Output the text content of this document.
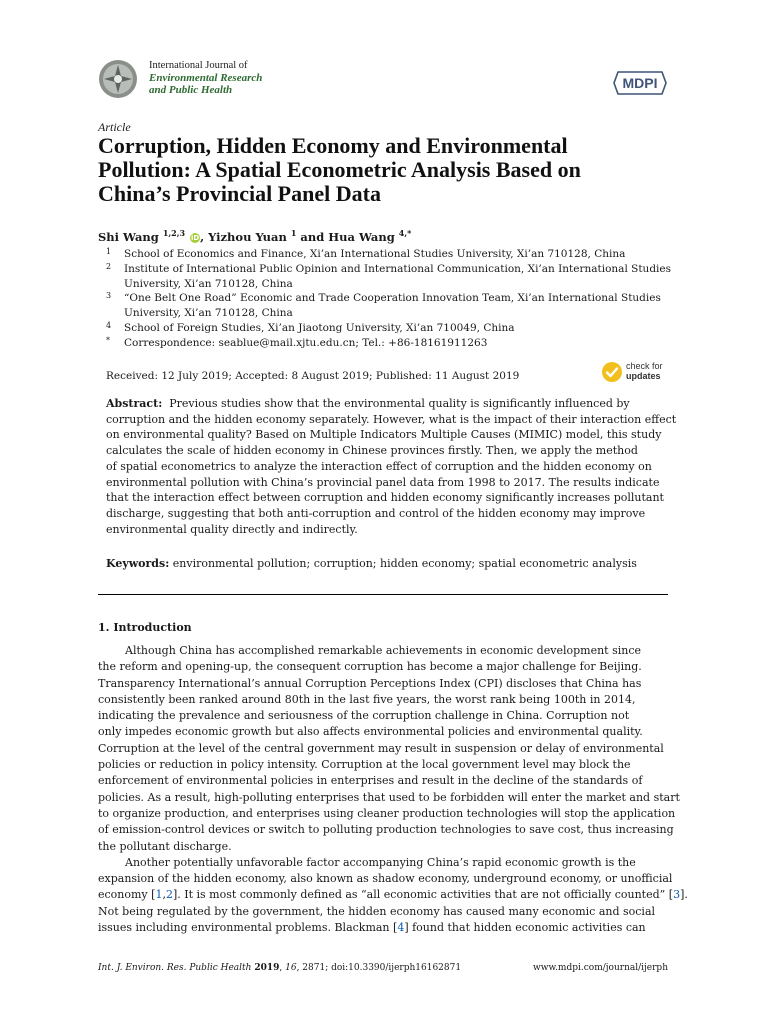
International Journal of
Environmental Research
and Public Health	MDPI
Article
Corruption, Hidden Economy and Environmental
Pollution: A Spatial Econometric Analysis Based on
China’s Provincial Panel Data
Shi Wang $^{1,2,3}$ iD, Yizhou Yuan $^1$ and Hua Wang $^{4,*}$
1	School of Economics and Finance, Xi’an International Studies University, Xi’an 710128, China
2	Institute of International Public Opinion and International Communication, Xi’an International Studies
University, Xi’an 710128, China
3	“One Belt One Road” Economic and Trade Cooperation Innovation Team, Xi’an International Studies
University, Xi’an 710128, China
4	School of Foreign Studies, Xi’an Jiaotong University, Xi’an 710049, China
*	Correspondence: seablue@mail.xjtu.edu.cn; Tel.: +86-18161911263
Received: 12 July 2019; Accepted: 8 August 2019; Published: 11 August 2019
check for
updates
Abstract: Previous studies show that the environmental quality is significantly influenced by
corruption and the hidden economy separately. However, what is the impact of their interaction effect
on environmental quality? Based on Multiple Indicators Multiple Causes (MIMIC) model, this study
calculates the scale of hidden economy in Chinese provinces firstly. Then, we apply the method
of spatial econometrics to analyze the interaction effect of corruption and the hidden economy on
environmental pollution with China’s provincial panel data from 1998 to 2017. The results indicate
that the interaction effect between corruption and hidden economy significantly increases pollutant
discharge, suggesting that both anti-corruption and control of the hidden economy may improve
environmental quality directly and indirectly.
Keywords: environmental pollution; corruption; hidden economy; spatial econometric analysis
1. Introduction
Although China has accomplished remarkable achievements in economic development since
the reform and opening-up, the consequent corruption has become a major challenge for Beijing.
Transparency International’s annual Corruption Perceptions Index (CPI) discloses that China has
consistently been ranked around 80th in the last five years, the worst rank being 100th in 2014,
indicating the prevalence and seriousness of the corruption challenge in China. Corruption not
only impedes economic growth but also affects environmental policies and environmental quality.
Corruption at the level of the central government may result in suspension or delay of environmental
policies or reduction in policy intensity. Corruption at the local government level may block the
enforcement of environmental policies in enterprises and result in the decline of the standards of
policies. As a result, high-polluting enterprises that used to be forbidden will enter the market and start
to organize production, and enterprises using cleaner production technologies will stop the application
of emission-control devices or switch to polluting production technologies to save cost, thus increasing
the pollutant discharge.
Another potentially unfavorable factor accompanying China’s rapid economic growth is the
expansion of the hidden economy, also known as shadow economy, underground economy, or unofficial
economy [1,2]. It is most commonly defined as “all economic activities that are not officially counted” [3].
Not being regulated by the government, the hidden economy has caused many economic and social
issues including environmental problems. Blackman [4] found that hidden economic activities can
Int. J. Environ. Res. Public Health 2019, 16, 2871; doi:10.3390/ijerph16162871	www.mdpi.com/journal/ijerph
